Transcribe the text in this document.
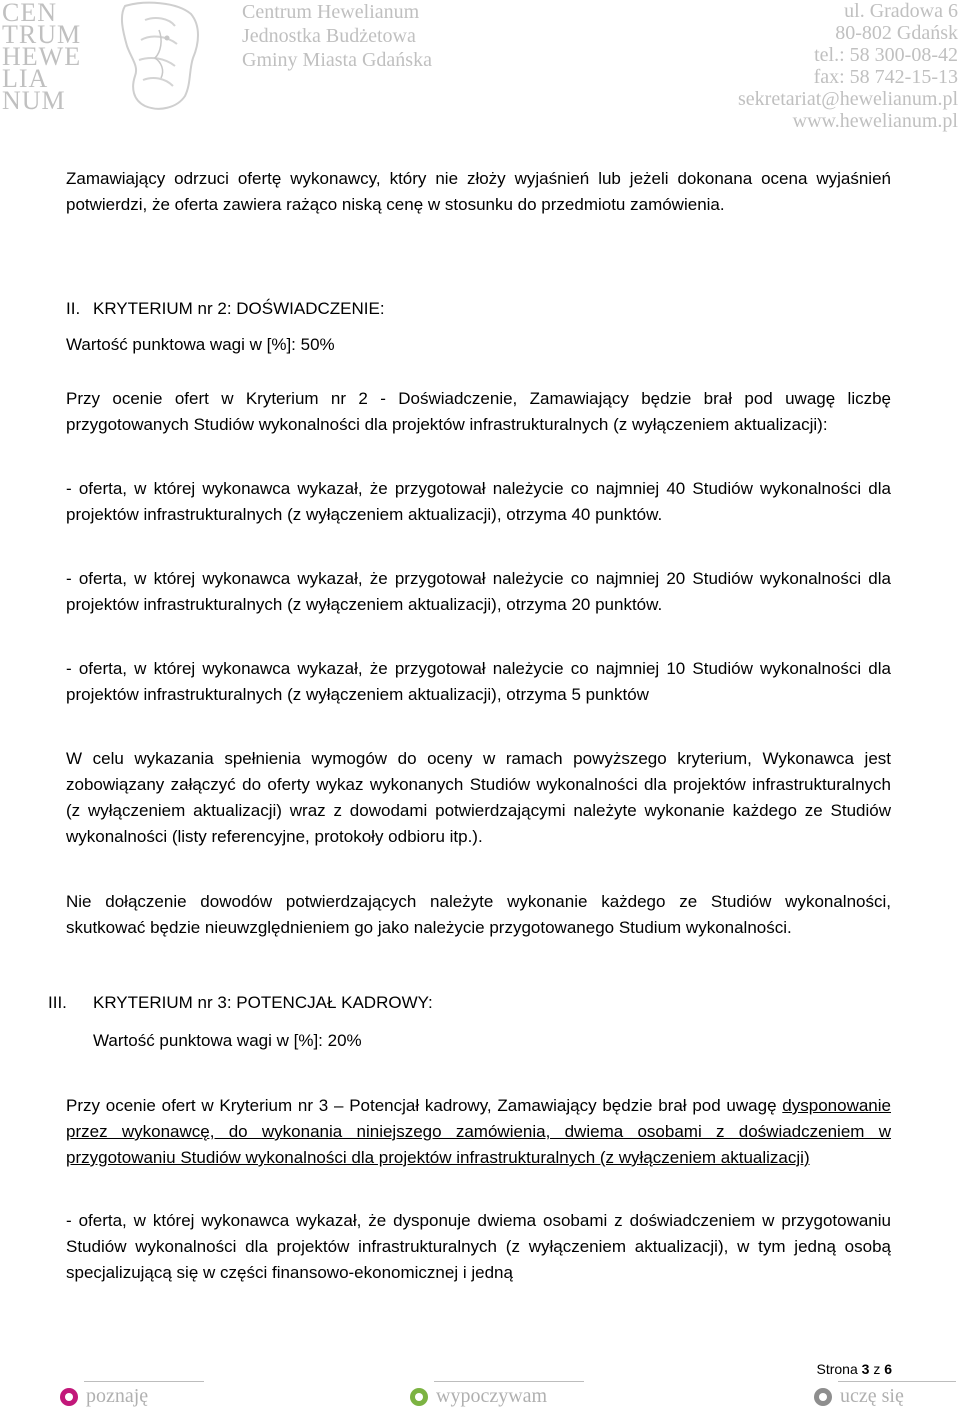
CEN

TRUM

HEWE

LIA

NUM

Centrum Hewelianum
Jednostka Budżetowa
Gminy Miasta Gdańska
ul. Gradowa 6
80-802 Gdańsk
tel.: 58 300-08-42
fax: 58 742-15-13
sekretariat@hewelianum.pl
www.hewelianum.pl

Zamawiający odrzuci ofertę wykonawcy, który nie złoży wyjaśnień lub jeżeli dokonana ocena wyjaśnień potwierdzi, że oferta zawiera rażąco niską cenę w stosunku do przedmiotu zamówienia.

II. KRYTERIUM nr 2: DOŚWIADCZENIE:

Wartość punktowa wagi w [%]: 50%

Przy ocenie ofert w Kryterium nr 2 - Doświadczenie, Zamawiający będzie brał pod uwagę liczbę przygotowanych Studiów wykonalności dla projektów infrastrukturalnych (z wyłączeniem aktualizacji):

- oferta, w której wykonawca wykazał, że przygotował należycie co najmniej 40 Studiów wykonalności dla projektów infrastrukturalnych (z wyłączeniem aktualizacji), otrzyma 40 punktów.

- oferta, w której wykonawca wykazał, że przygotował należycie co najmniej 20 Studiów wykonalności dla projektów infrastrukturalnych (z wyłączeniem aktualizacji), otrzyma 20 punktów.

- oferta, w której wykonawca wykazał, że przygotował należycie co najmniej 10 Studiów wykonalności dla projektów infrastrukturalnych (z wyłączeniem aktualizacji), otrzyma 5 punktów

W celu wykazania spełnienia wymogów do oceny w ramach powyższego kryterium, Wykonawca jest zobowiązany załączyć do oferty wykaz wykonanych Studiów wykonalności dla projektów infrastrukturalnych (z wyłączeniem aktualizacji) wraz z dowodami potwierdzającymi należyte wykonanie każdego ze Studiów wykonalności (listy referencyjne, protokoły odbioru itp.).

Nie dołączenie dowodów potwierdzających należyte wykonanie każdego ze Studiów wykonalności, skutkować będzie nieuwzględnieniem go jako należycie przygotowanego Studium wykonalności.

III. KRYTERIUM nr 3: POTENCJAŁ KADROWY:

Wartość punktowa wagi w [%]: 20%

Przy ocenie ofert w Kryterium nr 3 – Potencjał kadrowy, Zamawiający będzie brał pod uwagę dysponowanie przez wykonawcę, do wykonania niniejszego zamówienia, dwiema osobami z doświadczeniem w przygotowaniu Studiów wykonalności dla projektów infrastrukturalnych (z wyłączeniem aktualizacji)

- oferta, w której wykonawca wykazał, że dysponuje dwiema osobami z doświadczeniem w przygotowaniu Studiów wykonalności dla projektów infrastrukturalnych (z wyłączeniem aktualizacji), w tym jedną osobą specjalizującą się w części finansowo-ekonomicznej i jedną

Strona 3 z 6
poznaję	wypoczywam	uczę się
